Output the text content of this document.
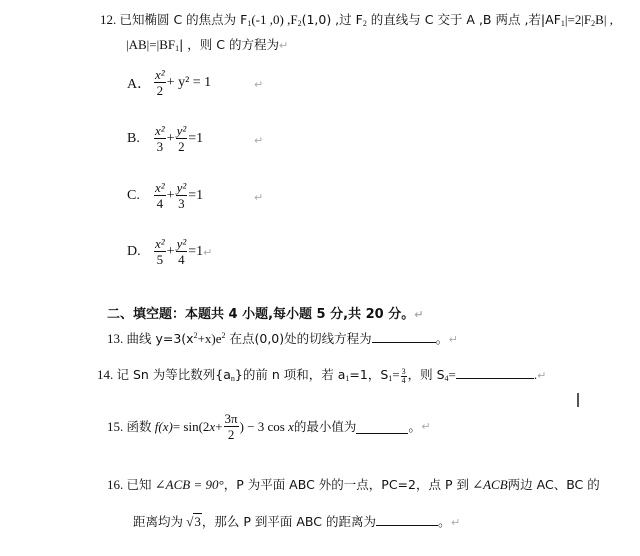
12. 已知椭圆 C 的焦点为 $F_1(-1$ ,0) $,F_2(1,0)$ ,过 $F_2$ 的直线与 C 交于 A ,B 两点 ,若$|AF_1|=2|F_2B|$ ,
$|AB|=|BF_1|$ ，则 C 的方程为↵
A． $\frac{\text{x²}}{2} + y^2 = 1$	↵
B.	$\frac{\text{x²}}{3} + \frac{\text{y²}}{2} =1$	↵
C.	$\frac{\text{x²}}{4} + \frac{\text{y²}}{3} =1$	↵
D.	$\frac{\text{x²}}{5} + \frac{\text{y²}}{4} =1$ ↵
二、填空题：本题共 4 小题,每小题 5 分,共 20 分。↵
13. 曲线 $y=3(x^2+x)e^2$ 在点(0,0)处的切线方程为	。↵
14. 记 Sn 为等比数列$\{a_n\}$的前 n 项和，若 $a_1=1$，$S_1= \frac{3}{4}$ ，则 $S_4=$	.↵
15.
函数
f(x) = sin(2 $x + \frac{3\pi}{2}$ ) − 3 cos
x 的最小值为	。 ↵
16. 已知 ∠ACB = 90°，P 为平面 ABC 外的一点，PC=2，点 P 到 ∠ACB两边 AC、BC 的
距离均为 √3，那么 P 到平面 ABC 的距离为	。↵
